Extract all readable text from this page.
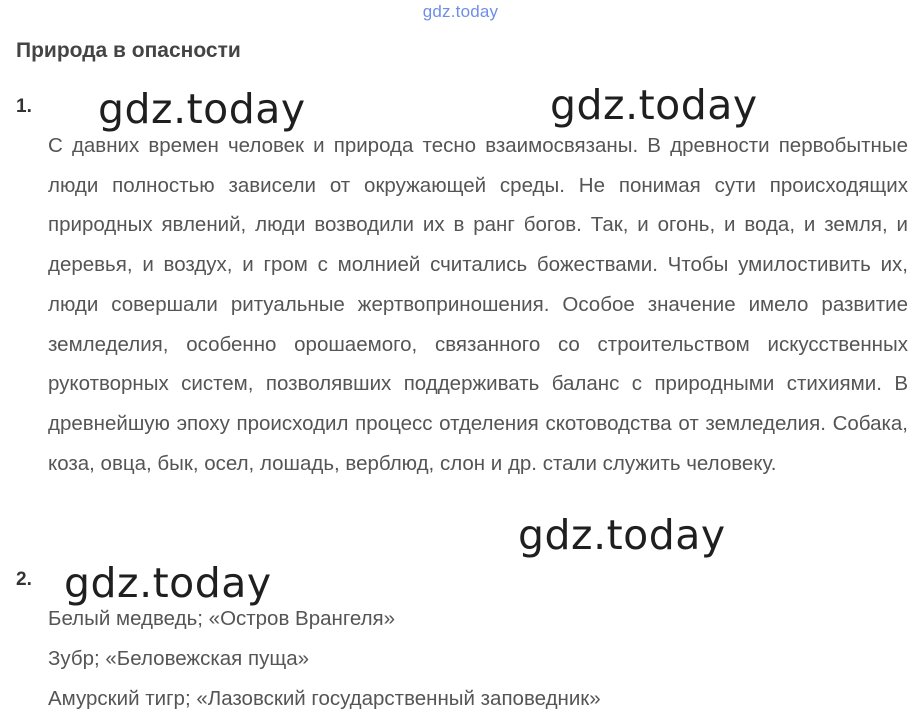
gdz.today
Природа в опасности
1.

С давних времен человек и природа тесно взаимосвязаны. В древности первобытные люди полностью зависели от окружающей среды. Не понимая сути происходящих природных явлений, люди возводили их в ранг богов. Так, и огонь, и вода, и земля, и деревья, и воздух, и гром с молнией считались божествами. Чтобы умилостивить их, люди совершали ритуальные жертвоприношения. Особое значение имело развитие земледелия, особенно орошаемого, связанного со строительством искусственных рукотворных систем, позволявших поддерживать баланс с природными стихиями. В древнейшую эпоху происходил процесс отделения скотоводства от земледелия. Собака, коза, овца, бык, осел, лошадь, верблюд, слон и др. стали служить человеку.

2.
Белый медведь; «Остров Врангеля»
Зубр; «Беловежская пуща»
Амурский тигр; «Лазовский государственный заповедник»
gdz.today	gdz.today
gdz.today
gdz.today
